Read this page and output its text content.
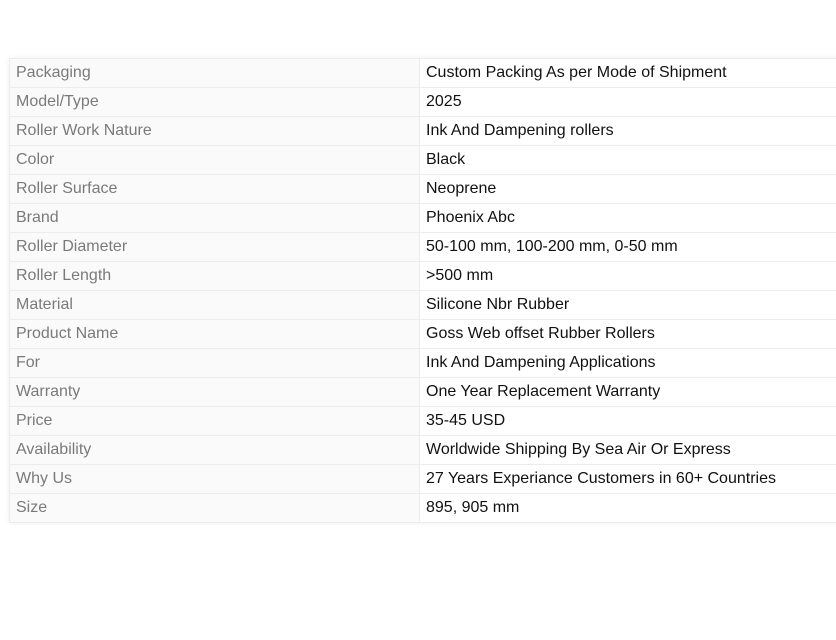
Packaging	Custom Packing As per Mode of Shipment
Model/Type	2025
Roller Work Nature	Ink And Dampening rollers
Color	Black
Roller Surface	Neoprene
Brand	Phoenix Abc
Roller Diameter	50-100 mm, 100-200 mm, 0-50 mm
Roller Length	>500 mm
Material	Silicone Nbr Rubber
Product Name	Goss Web offset Rubber Rollers
For	Ink And Dampening Applications
Warranty	One Year Replacement Warranty
Price	35-45 USD
Availability	Worldwide Shipping By Sea Air Or Express
Why Us	27 Years Experiance Customers in 60+ Countries
Size	895, 905 mm
